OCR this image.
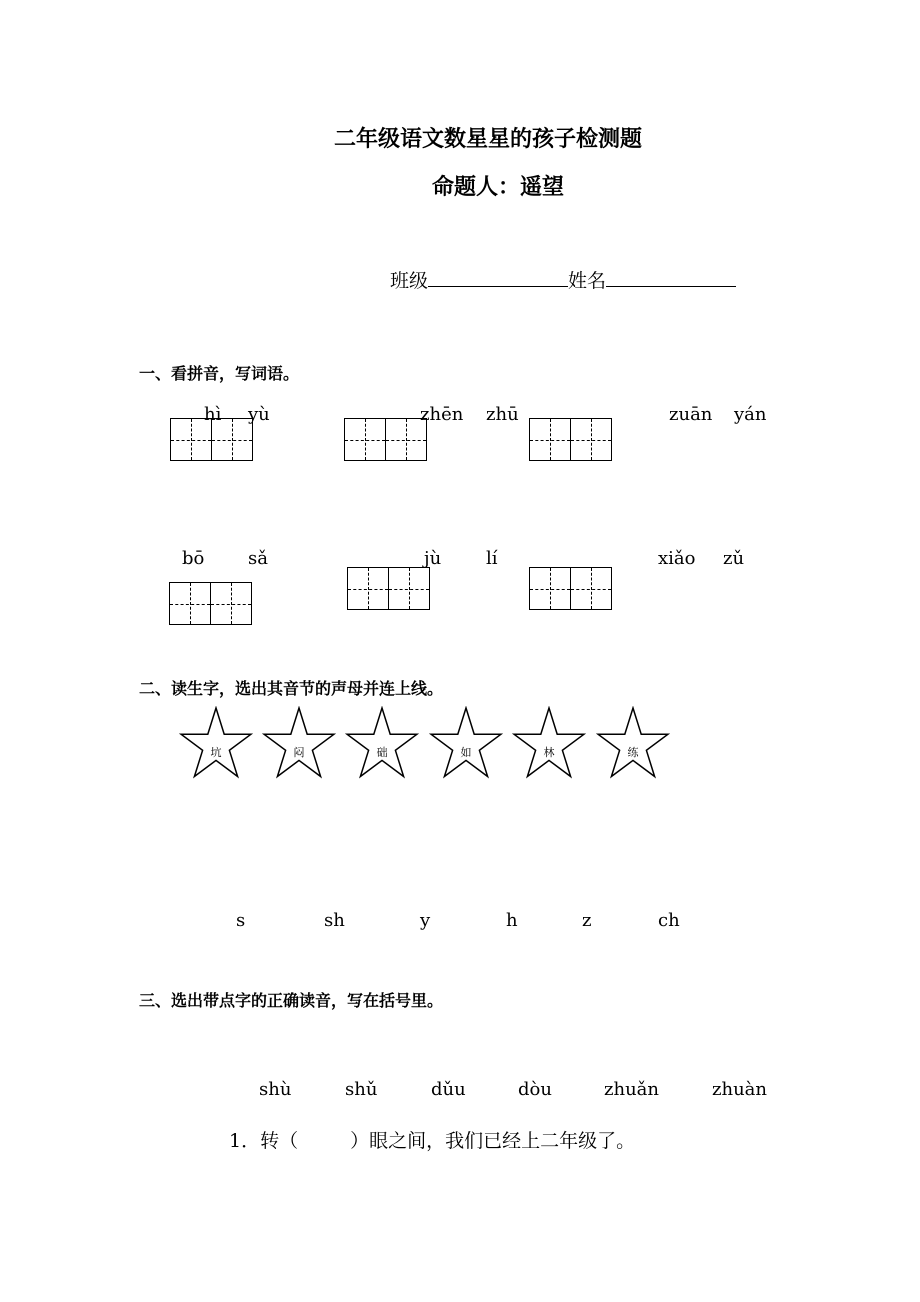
二年级语文数星星的孩子检测题
命题人：遥望
班级	姓名
一、看拼音，写词语。
hì yù	zhēn zhū	zuān yán
bō sǎ	jù lí	xiǎo zǔ
二、读生字，选出其音节的声母并连上线。
坑	闷	础	如	林	练
s	sh	y	h	z	ch
三、选出带点字的正确读音，写在括号里。
shù	shǔ	dǔu	dòu	zhuǎn	zhuàn
1．转（	）眼之间，我们已经上二年级了。
